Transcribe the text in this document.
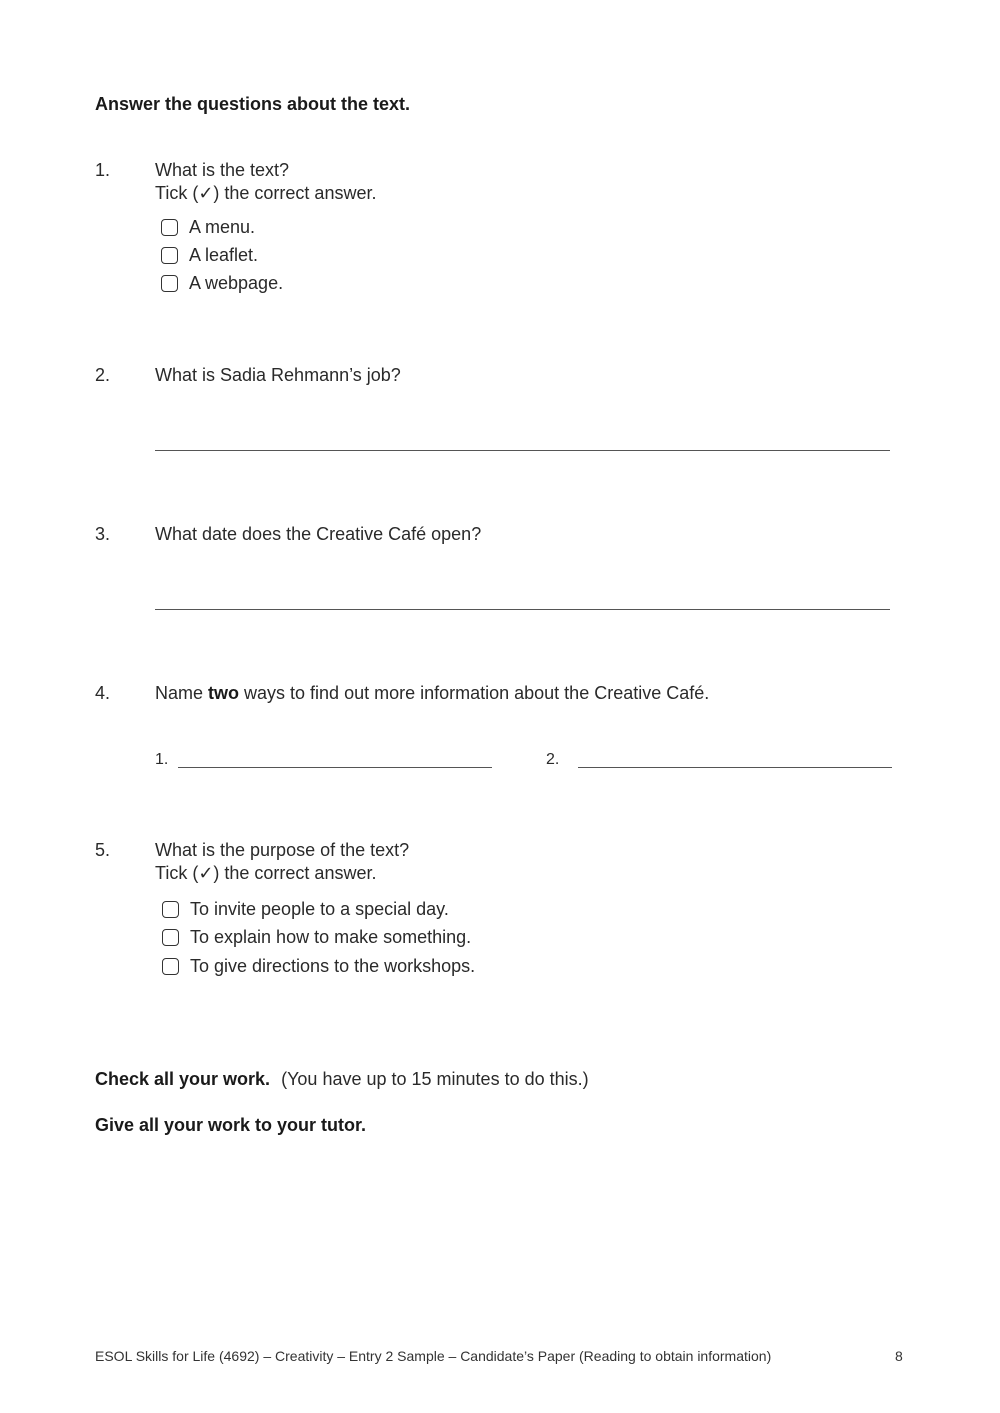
Answer the questions about the text.
1. What is the text?
Tick (✓) the correct answer.
A menu.
A leaflet.
A webpage.
2. What is Sadia Rehmann’s job?
3. What date does the Creative Café open?
4. Name two ways to find out more information about the Creative Café.
1.	2.
5. What is the purpose of the text?
Tick (✓) the correct answer.
To invite people to a special day.
To explain how to make something.
To give directions to the workshops.
Check all your work. (You have up to 15 minutes to do this.)
Give all your work to your tutor.
ESOL Skills for Life (4692) – Creativity – Entry 2 Sample – Candidate’s Paper (Reading to obtain information)	8
